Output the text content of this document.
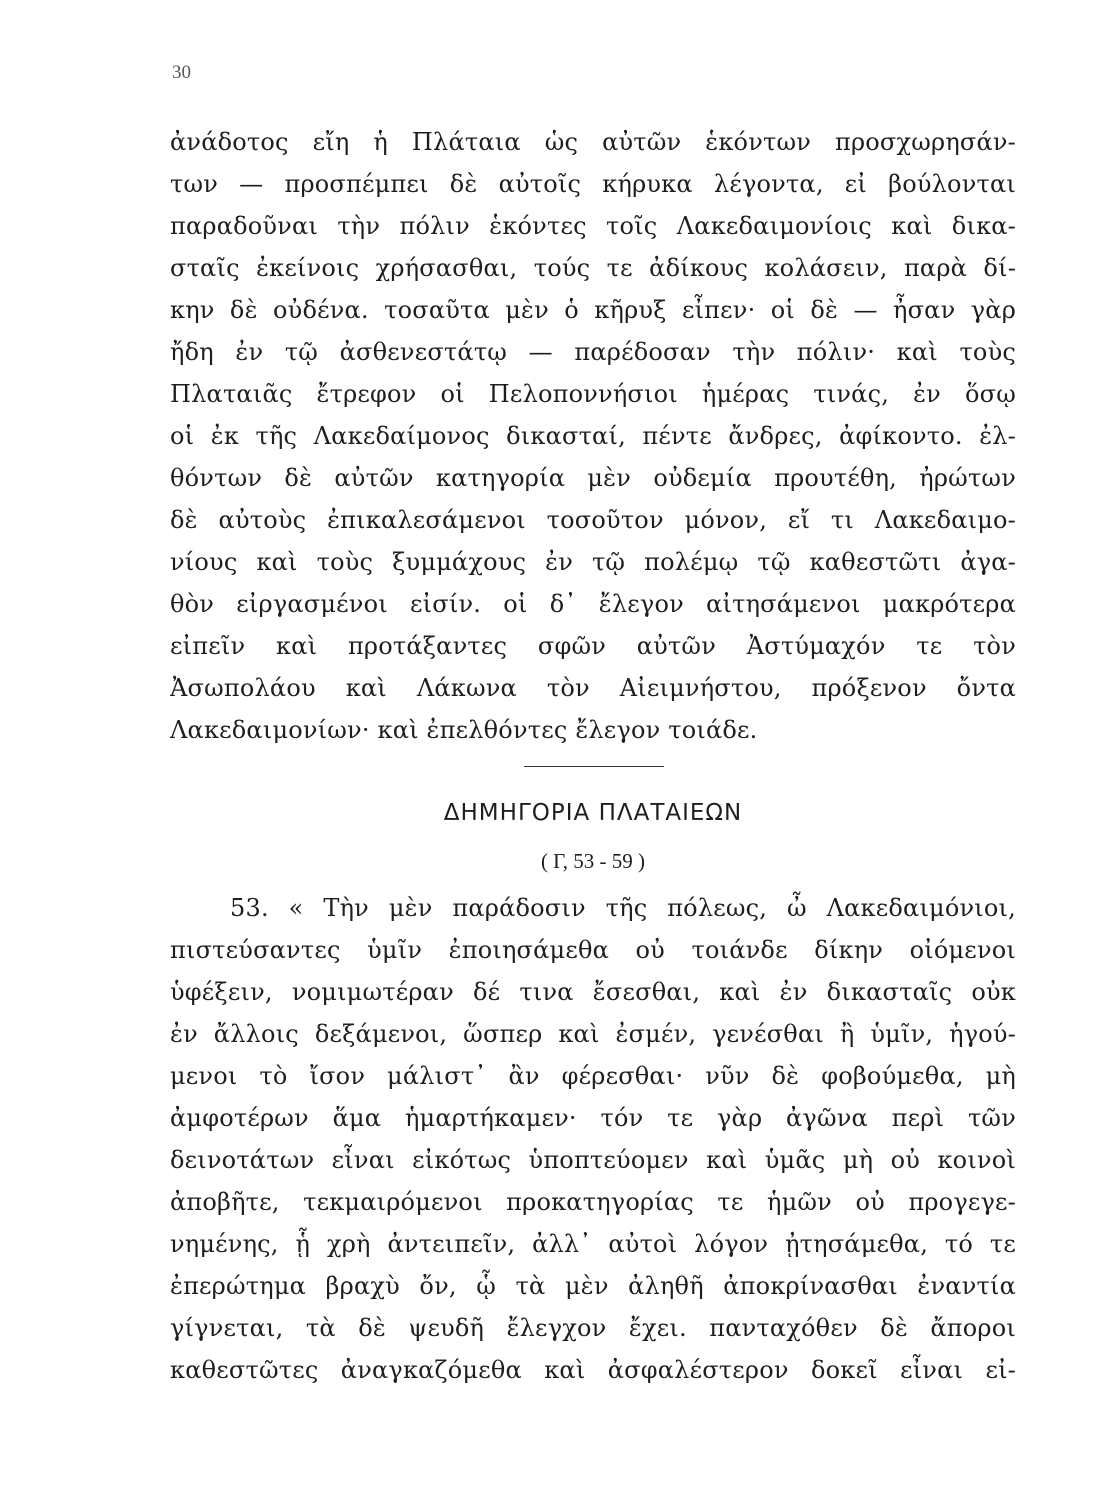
30
ἀνάδοτος εἴη ἡ Πλάταια ὡς αὐτῶν ἑκόντων προσχωρησάν-
των — προσπέμπει δὲ αὐτοῖς κήρυκα λέγοντα, εἰ βούλονται
παραδοῦναι τὴν πόλιν ἑκόντες τοῖς Λακεδαιμονίοις καὶ δικα-
σταῖς ἐκείνοις χρήσασθαι, τούς τε ἀδίκους κολάσειν, παρὰ δί-
κην δὲ οὐδένα. τοσαῦτα μὲν ὁ κῆρυξ εἶπεν· οἱ δὲ — ἦσαν γὰρ
ἤδη ἐν τῷ ἀσθενεστάτῳ — παρέδοσαν τὴν πόλιν· καὶ τοὺς
Πλαταιᾶς ἔτρεφον οἱ Πελοποννήσιοι ἡμέρας τινάς, ἐν ὅσῳ
οἱ ἐκ τῆς Λακεδαίμονος δικασταί, πέντε ἄνδρες, ἀφίκοντο. ἐλ-
θόντων δὲ αὐτῶν κατηγορία μὲν οὐδεμία προυτέθη, ἠρώτων
δὲ αὐτοὺς ἐπικαλεσάμενοι τοσοῦτον μόνον, εἴ τι Λακεδαιμο-
νίους καὶ τοὺς ξυμμάχους ἐν τῷ πολέμῳ τῷ καθεστῶτι ἀγα-
θὸν εἰργασμένοι εἰσίν. οἱ δ᾽ ἔλεγον αἰτησάμενοι μακρότερα
εἰπεῖν καὶ προτάξαντες σφῶν αὐτῶν Ἀστύμαχόν τε τὸν
Ἀσωπολάου καὶ Λάκωνα τὸν Αἰειμνήστου, πρόξενον ὄντα
Λακεδαιμονίων· καὶ ἐπελθόντες ἔλεγον τοιάδε.
ΔΗΜΗΓΟΡΙΑ ΠΛΑΤΑΙΕΩΝ
( Γ, 53 - 59 )
53. « Τὴν μὲν παράδοσιν τῆς πόλεως, ὦ Λακεδαιμόνιοι,
πιστεύσαντες ὑμῖν ἐποιησάμεθα οὐ τοιάνδε δίκην οἰόμενοι
ὑφέξειν, νομιμωτέραν δέ τινα ἔσεσθαι, καὶ ἐν δικασταῖς οὐκ
ἐν ἄλλοις δεξάμενοι, ὥσπερ καὶ ἐσμέν, γενέσθαι ἢ ὑμῖν, ἡγού-
μενοι τὸ ἴσον μάλιστ᾽ ἂν φέρεσθαι· νῦν δὲ φοβούμεθα, μὴ
ἀμφοτέρων ἅμα ἡμαρτήκαμεν· τόν τε γὰρ ἀγῶνα περὶ τῶν
δεινοτάτων εἶναι εἰκότως ὑποπτεύομεν καὶ ὑμᾶς μὴ οὐ κοινοὶ
ἀποβῆτε, τεκμαιρόμενοι προκατηγορίας τε ἡμῶν οὐ προγεγε-
νημένης, ᾗ χρὴ ἀντειπεῖν, ἀλλ᾽ αὐτοὶ λόγον ᾐτησάμεθα, τό τε
ἐπερώτημα βραχὺ ὄν, ᾧ τὰ μὲν ἀληθῆ ἀποκρίνασθαι ἐναντία
γίγνεται, τὰ δὲ ψευδῆ ἔλεγχον ἔχει. πανταχόθεν δὲ ἄποροι
καθεστῶτες ἀναγκαζόμεθα καὶ ἀσφαλέστερον δοκεῖ εἶναι εἰ-
